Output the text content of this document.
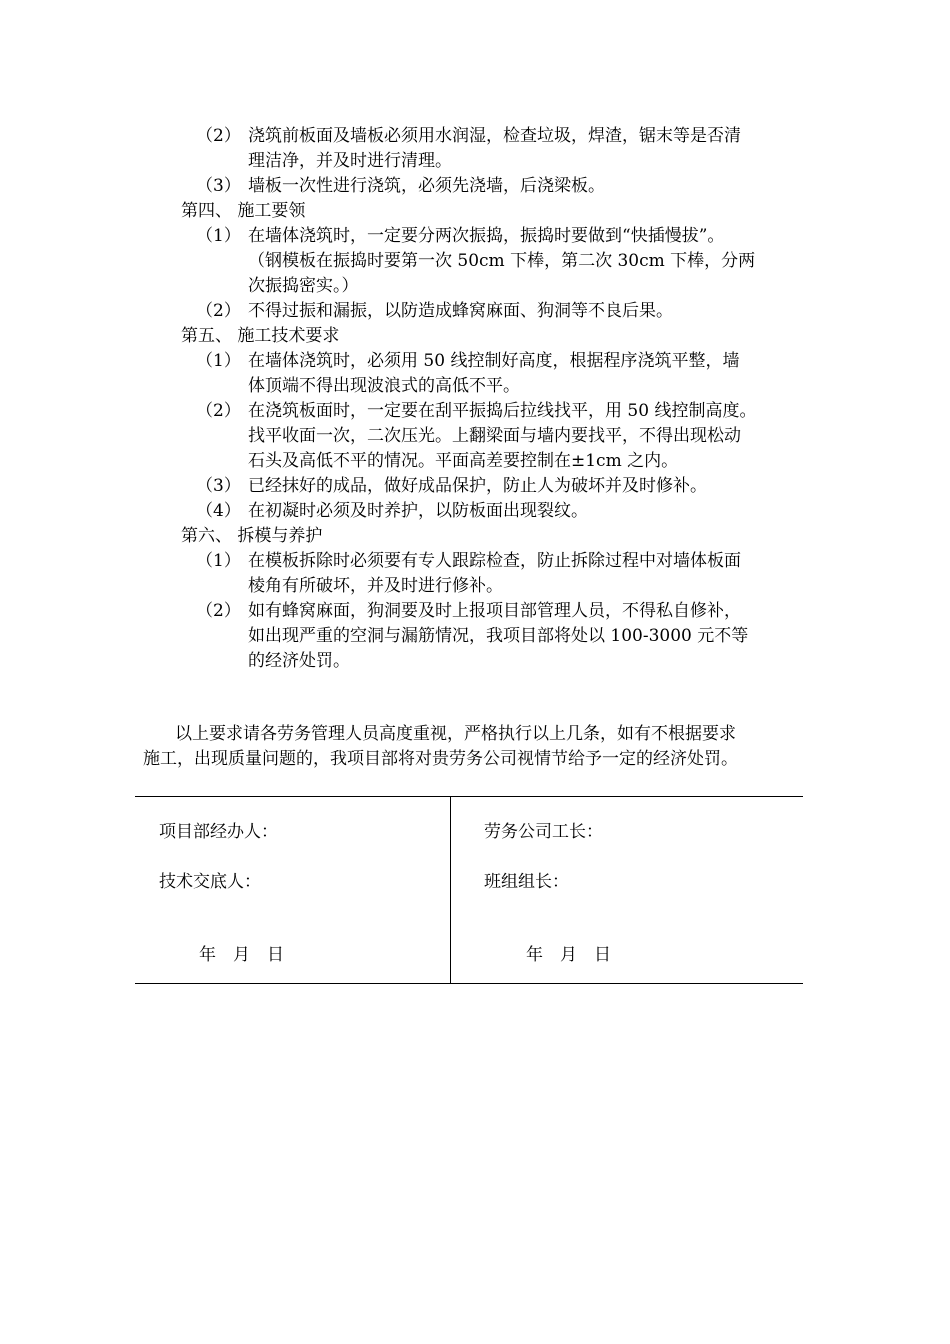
（2） 浇筑前板面及墙板必须用水润湿，检查垃圾，焊渣，锯末等是否清
理洁净，并及时进行清理。
（3） 墙板一次性进行浇筑，必须先浇墙，后浇梁板。
第四、 施工要领
（1） 在墙体浇筑时，一定要分两次振捣，振捣时要做到“快插慢拔”。
（钢模板在振捣时要第一次 50cm 下棒，第二次 30cm 下棒，分两
次振捣密实。）
（2） 不得过振和漏振，以防造成蜂窝麻面、狗洞等不良后果。
第五、 施工技术要求
（1） 在墙体浇筑时，必须用 50 线控制好高度，根据程序浇筑平整，墙
体顶端不得出现波浪式的高低不平。
（2） 在浇筑板面时，一定要在刮平振捣后拉线找平，用 50 线控制高度。
找平收面一次，二次压光。上翻梁面与墙内要找平，不得出现松动
石头及高低不平的情况。平面高差要控制在±1cm 之内。
（3） 已经抹好的成品，做好成品保护，防止人为破坏并及时修补。
（4） 在初凝时必须及时养护，以防板面出现裂纹。
第六、 拆模与养护
（1） 在模板拆除时必须要有专人跟踪检查，防止拆除过程中对墙体板面
棱角有所破坏，并及时进行修补。
（2） 如有蜂窝麻面，狗洞要及时上报项目部管理人员，不得私自修补，
如出现严重的空洞与漏筋情况，我项目部将处以 100-3000 元不等
的经济处罚。
以上要求请各劳务管理人员高度重视，严格执行以上几条，如有不根据要求
施工，出现质量问题的，我项目部将对贵劳务公司视情节给予一定的经济处罚。
项目部经办人：
技术交底人：
年　月　日
劳务公司工长：
班组组长：
年　月　日
